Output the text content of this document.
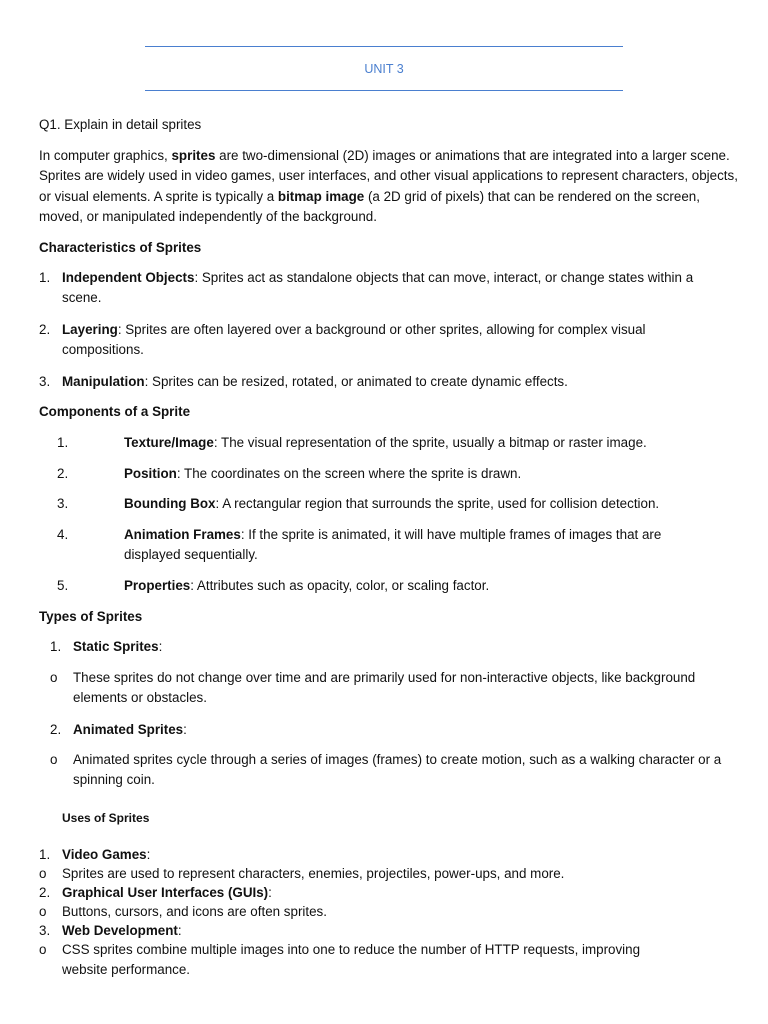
UNIT 3
Q1. Explain in detail sprites
In computer graphics, sprites are two-dimensional (2D) images or animations that are integrated into a larger scene. Sprites are widely used in video games, user interfaces, and other visual applications to represent characters, objects, or visual elements. A sprite is typically a bitmap image (a 2D grid of pixels) that can be rendered on the screen, moved, or manipulated independently of the background.
Characteristics of Sprites
1. Independent Objects: Sprites act as standalone objects that can move, interact, or change states within a scene.
2. Layering: Sprites are often layered over a background or other sprites, allowing for complex visual compositions.
3. Manipulation: Sprites can be resized, rotated, or animated to create dynamic effects.
Components of a Sprite
1.	Texture/Image: The visual representation of the sprite, usually a bitmap or raster image.
2.	Position: The coordinates on the screen where the sprite is drawn.
3.	Bounding Box: A rectangular region that surrounds the sprite, used for collision detection.
4.	Animation Frames: If the sprite is animated, it will have multiple frames of images that are displayed sequentially.
5.	Properties: Attributes such as opacity, color, or scaling factor.
Types of Sprites
1. Static Sprites:
o These sprites do not change over time and are primarily used for non-interactive objects, like background elements or obstacles.
2. Animated Sprites:
o Animated sprites cycle through a series of images (frames) to create motion, such as a walking character or a spinning coin.
Uses of Sprites
1. Video Games:
o Sprites are used to represent characters, enemies, projectiles, power-ups, and more.
2. Graphical User Interfaces (GUIs):
o Buttons, cursors, and icons are often sprites.
3. Web Development:
o CSS sprites combine multiple images into one to reduce the number of HTTP requests, improving website performance.
